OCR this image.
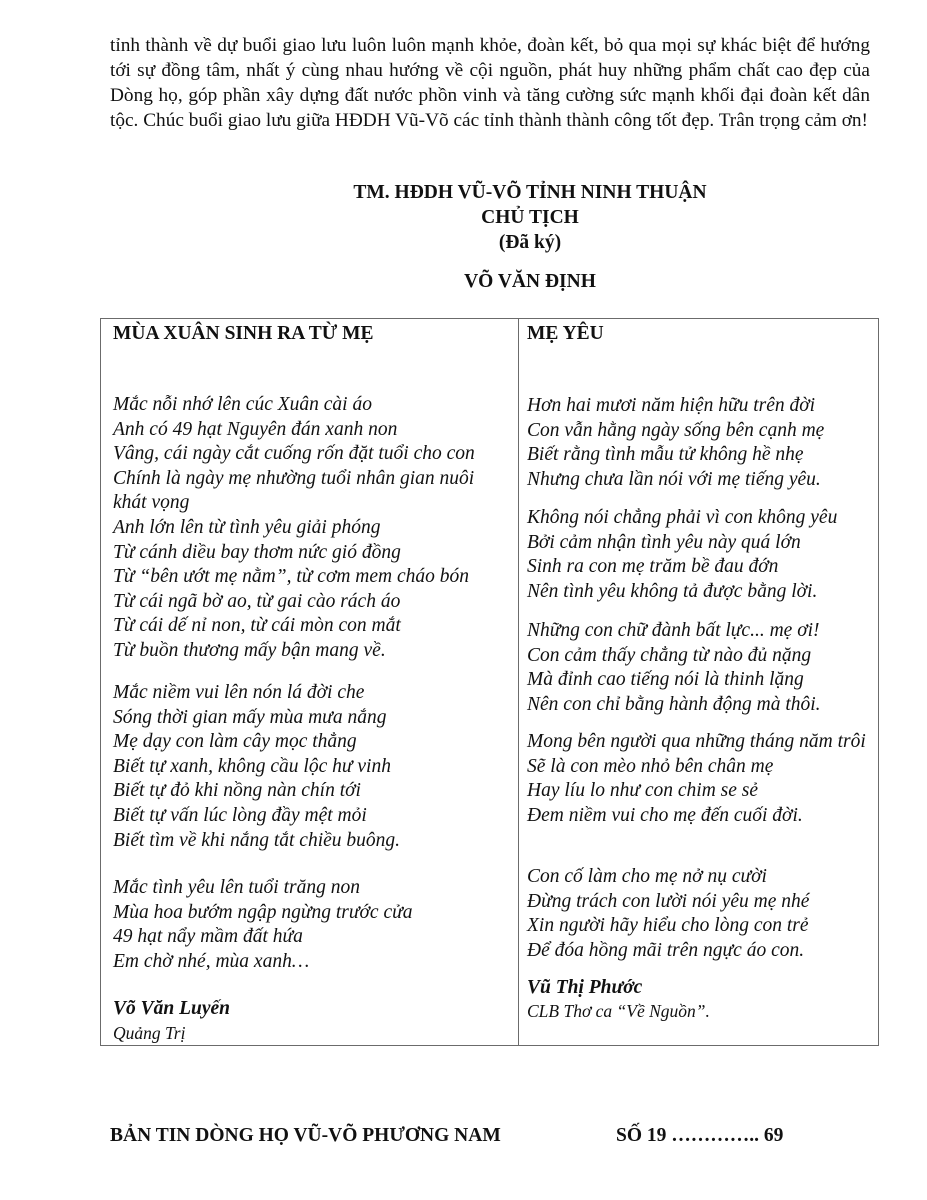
tỉnh thành về dự buổi giao lưu luôn luôn mạnh khỏe, đoàn kết, bỏ qua mọi sự khác biệt để hướng tới sự đồng tâm, nhất ý cùng nhau hướng về cội nguồn, phát huy những phẩm chất cao đẹp của Dòng họ, góp phần xây dựng đất nước phồn vinh và tăng cường sức mạnh khối đại đoàn kết dân tộc. Chúc buổi giao lưu giữa HĐDH Vũ-Võ các tỉnh thành thành công tốt đẹp. Trân trọng cảm ơn!

TM. HĐDH VŨ-VÕ TỈNH NINH THUẬN
CHỦ TỊCH
(Đã ký)
VÕ VĂN ĐỊNH
MÙA XUÂN SINH RA TỪ MẸ
Mắc nỗi nhớ lên cúc Xuân cài áo
Anh có 49 hạt Nguyên đán xanh non
Vâng, cái ngày cắt cuống rốn đặt tuổi cho con
Chính là ngày mẹ nhường tuổi nhân gian nuôi khát vọng
Anh lớn lên từ tình yêu giải phóng
Từ cánh diều bay thơm nức gió đồng
Từ “bên ướt mẹ nằm”, từ cơm mem cháo bón
Từ cái ngã bờ ao, từ gai cào rách áo
Từ cái dế nỉ non, từ cái mòn con mắt
Từ buồn thương mấy bận mang về.
Mắc niềm vui lên nón lá đời che
Sóng thời gian mấy mùa mưa nắng
Mẹ dạy con làm cây mọc thẳng
Biết tự xanh, không cầu lộc hư vinh
Biết tự đỏ khi nồng nàn chín tới
Biết tự vấn lúc lòng đầy mệt mỏi
Biết tìm về khi nắng tắt chiều buông.
Mắc tình yêu lên tuổi trăng non
Mùa hoa bướm ngập ngừng trước cửa
49 hạt nẩy mầm đất hứa
Em chờ nhé, mùa xanh…
Võ Văn Luyến
Quảng Trị
MẸ YÊU
Hơn hai mươi năm hiện hữu trên đời
Con vẫn hằng ngày sống bên cạnh mẹ
Biết rằng tình mẫu tử không hề nhẹ
Nhưng chưa lần nói với mẹ tiếng yêu.
Không nói chẳng phải vì con không yêu
Bởi cảm nhận tình yêu này quá lớn
Sinh ra con mẹ trăm bề đau đớn
Nên tình yêu không tả được bằng lời.
Những con chữ đành bất lực... mẹ ơi!
Con cảm thấy chẳng từ nào đủ nặng
Mà đỉnh cao tiếng nói là thinh lặng
Nên con chỉ bằng hành động mà thôi.
Mong bên người qua những tháng năm trôi
Sẽ là con mèo nhỏ bên chân mẹ
Hay líu lo như con chim se sẻ
Đem niềm vui cho mẹ đến cuối đời.
Con cố làm cho mẹ nở nụ cười
Đừng trách con lười nói yêu mẹ nhé
Xin người hãy hiểu cho lòng con trẻ
Để đóa hồng mãi trên ngực áo con.
Vũ Thị Phước
CLB Thơ ca “Về Nguồn”.
BẢN TIN DÒNG HỌ VŨ-VÕ PHƯƠNG NAM	SỐ 19 ………….. 69
